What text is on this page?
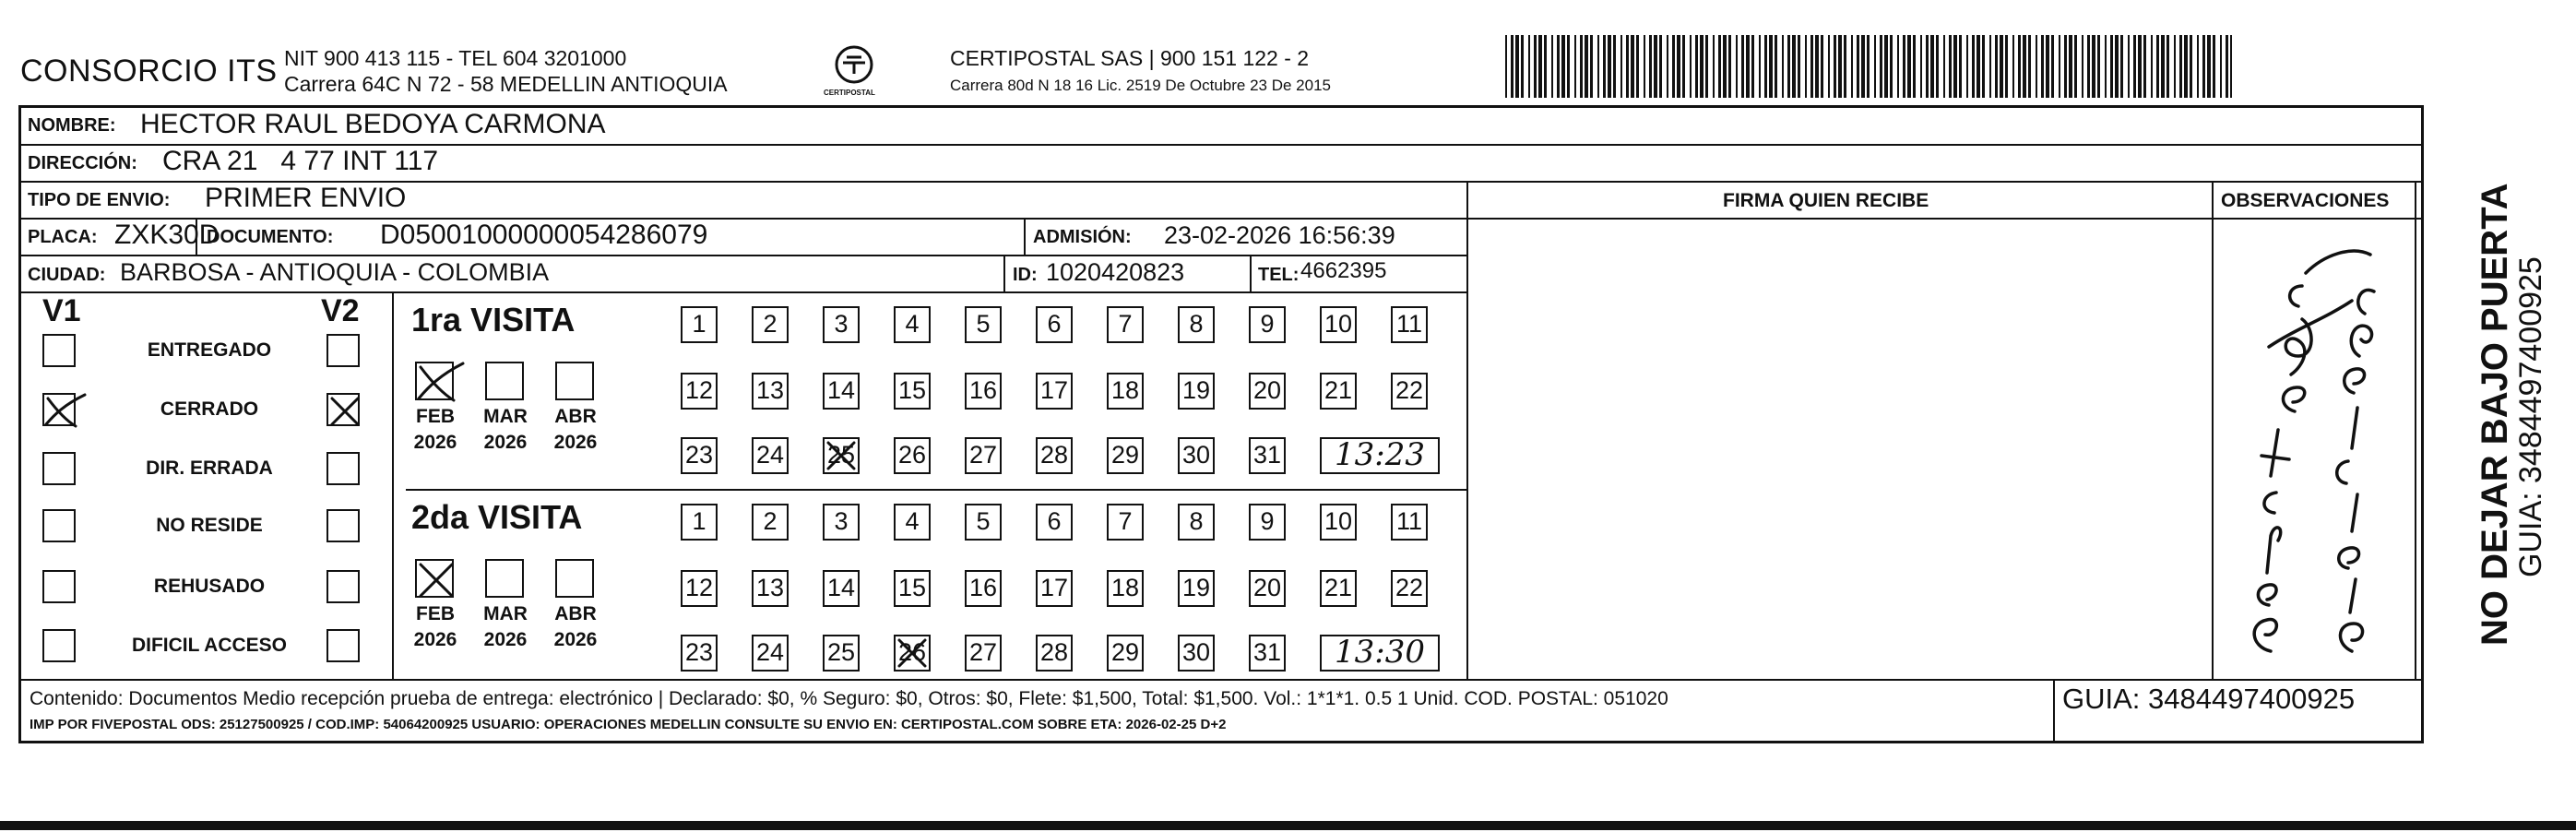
CONSORCIO ITS NIT 900 413 115 - TEL 604 3201000
Carrera 64C N 72 - 58 MEDELLIN ANTIOQUIA	CERTIPOSTAL
CERTIPOSTAL SAS | 900 151 122 - 2
Carrera 80d N 18 16 Lic. 2519 De Octubre 23 De 2015
NOMBRE: HECTOR RAUL BEDOYA CARMONA
DIRECCIÓN: CRA 21   4 77 INT 117
TIPO DE ENVIO: PRIMER ENVIO	FIRMA QUIEN RECIBE	OBSERVACIONES
PLACA: ZXK30D
DOCUMENTO: D05001000000054286079	ADMISIÓN: 23-02-2026 16:56:39
CIUDAD: BARBOSA - ANTIOQUIA - COLOMBIA	ID: 1020420823	TEL: 4662395
V1	V2
ENTREGADO
CERRADO
DIR. ERRADA
NO RESIDE
REHUSADO
DIFICIL ACCESO
1ra VISITA
FEB
2026
MAR
2026
ABR
2026
1	2	3	4	5	6	7	8	9	10 11
12 13 14 15 16 17 18 19 20 21 22
23 24 25 26 27 28 29 30 31	13:23
2da VISITA
FEB
2026
MAR
2026
ABR
2026
1	2	3	4	5	6	7	8	9	10 11
12 13 14 15 16 17 18 19 20 21 22
23 24 25 26 27 28 29 30 31	13:30
Contenido: Documentos Medio recepción prueba de entrega: electrónico | Declarado: $0, % Seguro: $0, Otros: $0, Flete: $1,500, Total: $1,500. Vol.: 1*1*1. 0.5 1 Unid. COD. POSTAL: 051020
IMP POR FIVEPOSTAL ODS: 25127500925 / COD.IMP: 54064200925 USUARIO: OPERACIONES MEDELLIN CONSULTE SU ENVIO EN: CERTIPOSTAL.COM SOBRE ETA: 2026-02-25 D+2
GUIA: 3484497400925
NO DEJAR BAJO PUERTA
GUIA: 3484497400925
